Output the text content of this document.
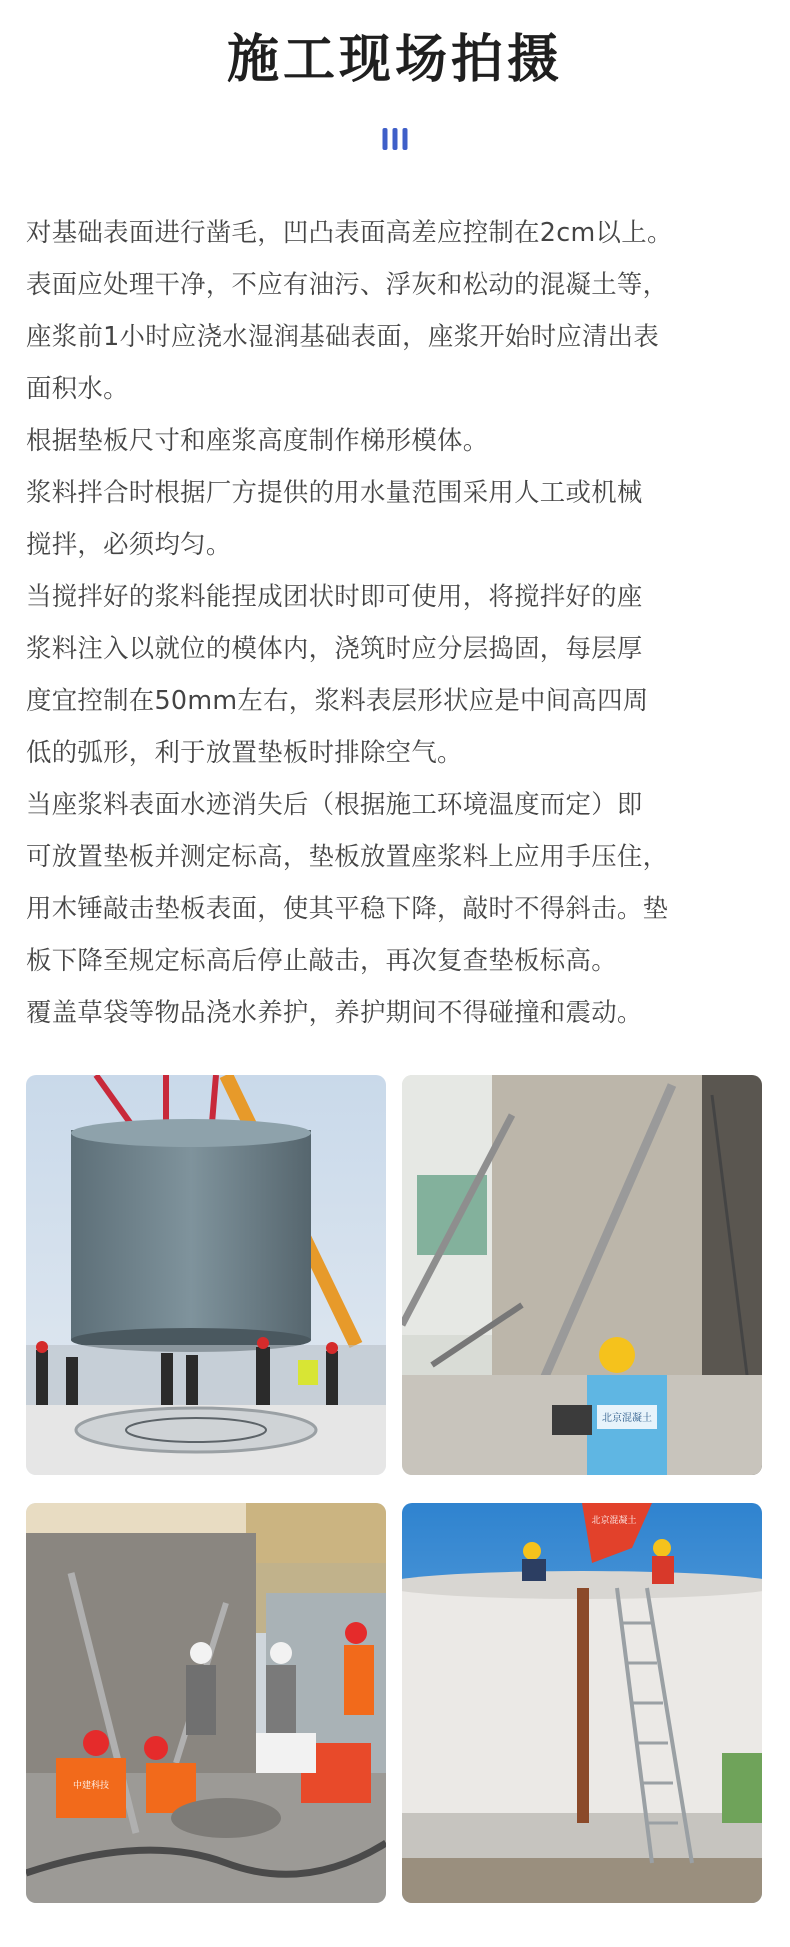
施工现场拍摄

对基础表面进行凿毛，凹凸表面高差应控制在2cm以上。
表面应处理干净，不应有油污、浮灰和松动的混凝土等，
座浆前1小时应浇水湿润基础表面，座浆开始时应清出表
面积水。

根据垫板尺寸和座浆高度制作梯形模体。

浆料拌合时根据厂方提供的用水量范围采用人工或机械
搅拌，必须均匀。

当搅拌好的浆料能捏成团状时即可使用，将搅拌好的座
浆料注入以就位的模体内，浇筑时应分层捣固，每层厚
度宜控制在50mm左右，浆料表层形状应是中间高四周
低的弧形，利于放置垫板时排除空气。

当座浆料表面水迹消失后（根据施工环境温度而定）即
可放置垫板并测定标高，垫板放置座浆料上应用手压住，
用木锤敲击垫板表面，使其平稳下降，敲时不得斜击。垫
板下降至规定标高后停止敲击，再次复查垫板标高。

覆盖草袋等物品浇水养护，养护期间不得碰撞和震动。

北京混凝土
中建科技
北京混凝土
